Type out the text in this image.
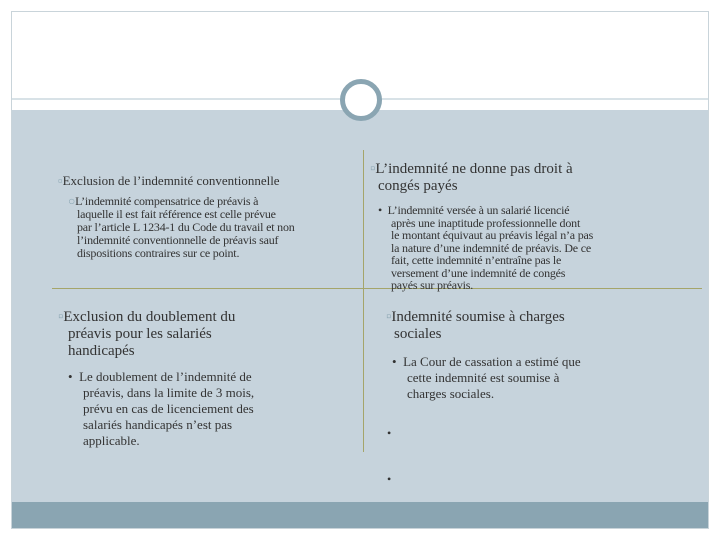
▫Exclusion de l’indemnité conventionnelle

○L’indemnité compensatrice de préavis à

laquelle il est fait référence est celle prévue

par l’article L 1234-1 du Code du travail et non

l’indemnité conventionnelle de préavis sauf

dispositions contraires sur ce point.

▫L’indemnité ne donne pas droit à

congés payés

• L’indemnité versée à un salarié licencié

après une inaptitude professionnelle dont

le montant équivaut au préavis légal n’a pas

la nature d’une indemnité de préavis. De ce

fait, cette indemnité n’entraîne pas le

versement d’une indemnité de congés

payés sur préavis.

▫Exclusion du doublement du

préavis pour les salariés

handicapés

• Le doublement de l’indemnité de

préavis, dans la limite de 3 mois,

prévu en cas de licenciement des

salariés handicapés n’est pas

applicable.

▫Indemnité soumise à charges

sociales

• La Cour de cassation a estimé que

cette indemnité est soumise à

charges sociales.

•
•
